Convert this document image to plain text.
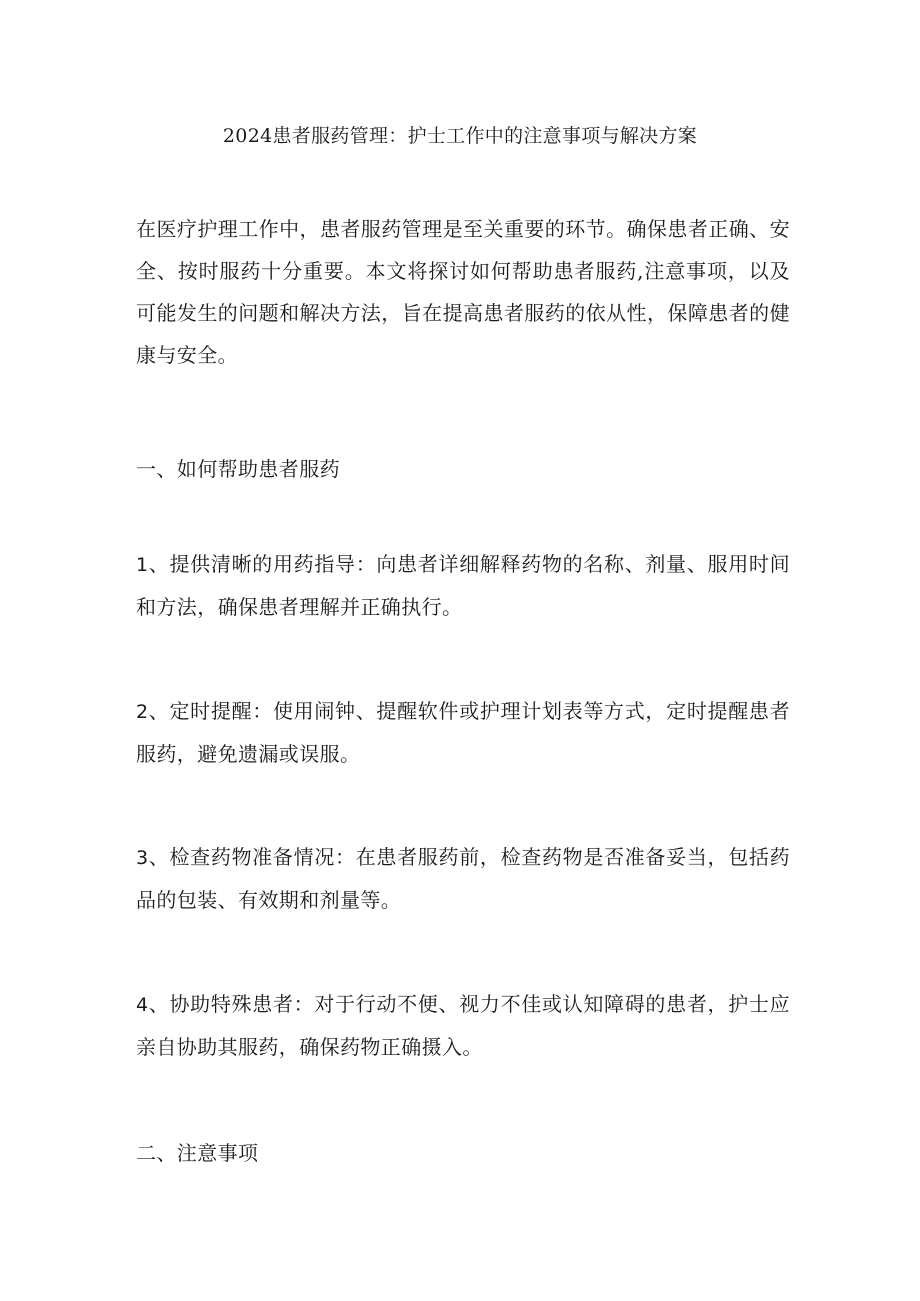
2024患者服药管理：护士工作中的注意事项与解决方案

在医疗护理工作中，患者服药管理是至关重要的环节。确保患者正确、安全、按时服药十分重要。本文将探讨如何帮助患者服药,注意事项，以及可能发生的问题和解决方法，旨在提高患者服药的依从性，保障患者的健康与安全。

一、如何帮助患者服药

1、提供清晰的用药指导：向患者详细解释药物的名称、剂量、服用时间和方法，确保患者理解并正确执行。

2、定时提醒：使用闹钟、提醒软件或护理计划表等方式，定时提醒患者服药，避免遗漏或误服。

3、检查药物准备情况：在患者服药前，检查药物是否准备妥当，包括药品的包装、有效期和剂量等。

4、协助特殊患者：对于行动不便、视力不佳或认知障碍的患者，护士应亲自协助其服药，确保药物正确摄入。

二、注意事项
